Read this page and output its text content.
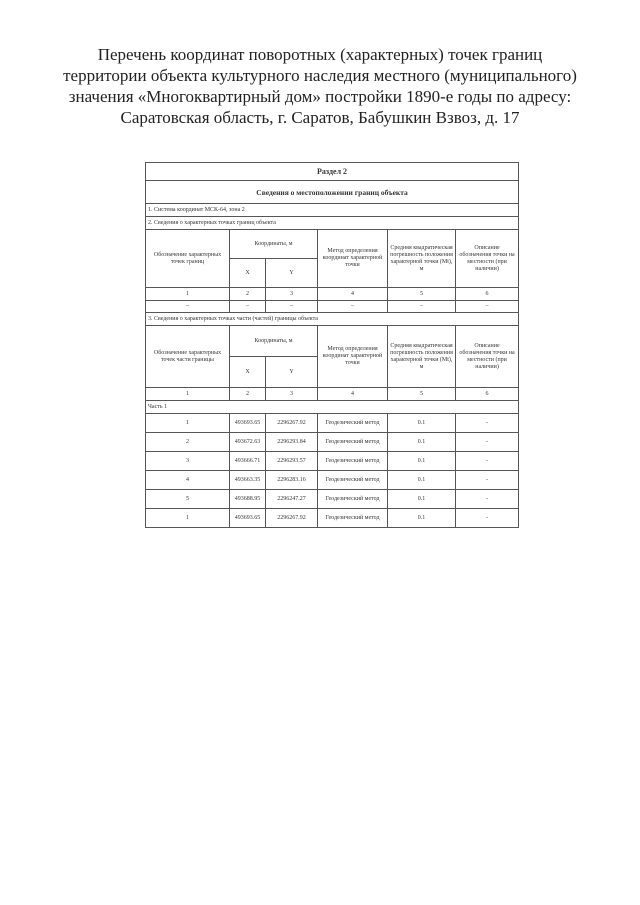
Перечень координат поворотных (характерных) точек границ территории объекта культурного наследия местного (муниципального) значения «Многоквартирный дом» постройки 1890-е годы по адресу: Саратовская область, г. Саратов, Бабушкин Взвоз, д. 17
Раздел 2					
Сведения о местоположении границ объекта					
1. Система координат МСК-64, зона 2					
2. Сведения о характерных точках границ объекта					
Обозначение характерных точек границ	Координаты, м		Метод определения координат характерной точки	Средняя квадратическая погрешность положения характерной точки (Mt), м	Описание обозначения точки на местности (при наличии)
	X	Y			
1	2	3	4	5	6
–	–	–	–	–	–
3. Сведения о характерных точках части (частей) границы объекта					
Обозначение характерных точек части границы	Координаты, м		Метод определения координат характерной точки	Средняя квадратическая погрешность положения характерной точки (Mt), м	Описание обозначения точки на местности (при наличии)
	X	Y			
1	2	3	4	5	6
Часть 1					
1	493693.65	2296267.92	Геодезический метод	0.1	-
2	493672.63	2296293.84	Геодезический метод	0.1	-
3	493666.71	2296293.57	Геодезический метод	0.1	-
4	493663.35	2296283.16	Геодезический метод	0.1	-
5	493688.95	2296247.27	Геодезический метод	0.1	-
1	493693.65	2296267.92	Геодезический метод	0.1	-
